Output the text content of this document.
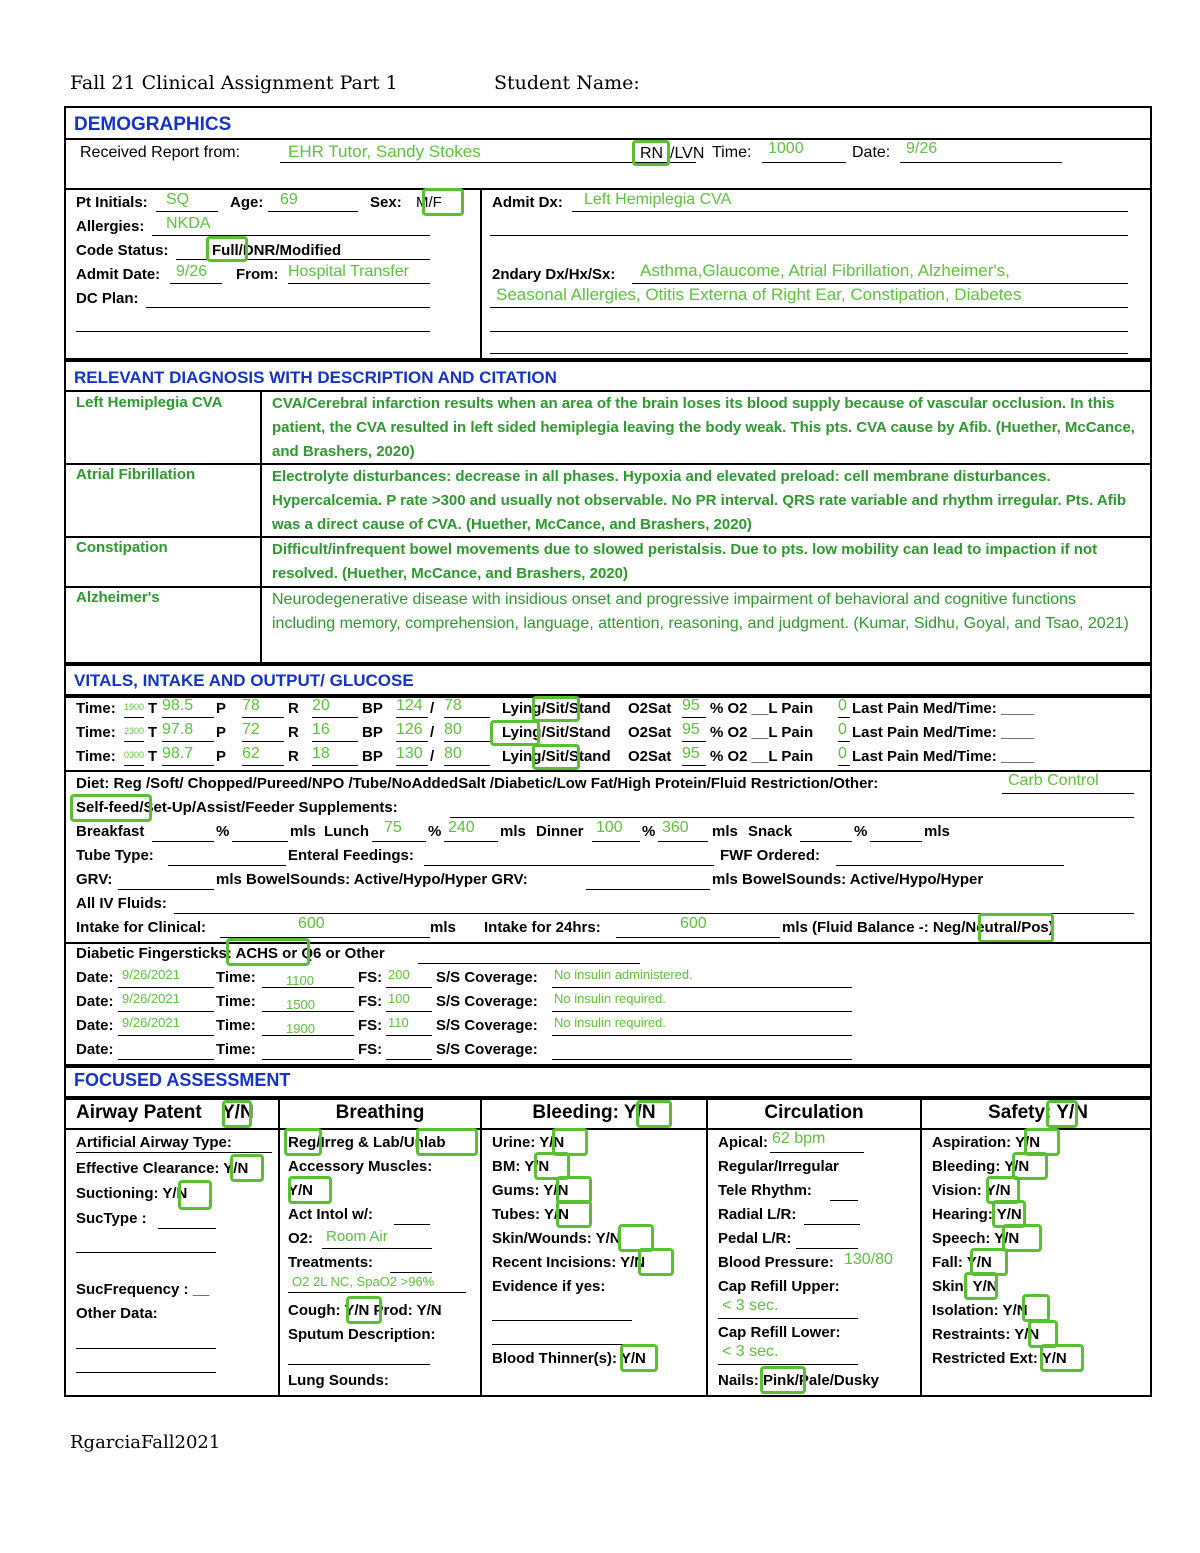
Fall 21 Clinical Assignment Part 1	Student Name:
DEMOGRAPHICS
Received Report from:	EHR Tutor, Sandy Stokes	RN /LVN Time: 1000	Date: 9/26
Pt Initials: SQ	Age: 69	Sex: M/F
Allergies: NKDA
Code Status:	Full/DNR/Modified
Admit Date: 9/26 From: Hospital Transfer
DC Plan:
Admit Dx: Left Hemiplegia CVA
2ndary Dx/Hx/Sx: Asthma,Glaucome, Atrial Fibrillation, Alzheimer's,
Seasonal Allergies, Otitis Externa of Right Ear, Constipation, Diabetes
RELEVANT DIAGNOSIS WITH DESCRIPTION AND CITATION
Left Hemiplegia CVA	CVA/Cerebral infarction results when an area of the brain loses its blood supply because of vascular occlusion. In this patient, the CVA resulted in left sided hemiplegia leaving the body weak. This pts. CVA cause by Afib. (Huether, McCance, and Brashers, 2020)
Atrial Fibrillation	Electrolyte disturbances: decrease in all phases. Hypoxia and elevated preload: cell membrane disturbances. Hypercalcemia. P rate >300 and usually not observable. No PR interval. QRS rate variable and rhythm irregular. Pts. Afib was a direct cause of CVA. (Huether, McCance, and Brashers, 2020)
Constipation	Difficult/infrequent bowel movements due to slowed peristalsis. Due to pts. low mobility can lead to impaction if not resolved. (Huether, McCance, and Brashers, 2020)
Alzheimer's	Neurodegenerative disease with insidious onset and progressive impairment of behavioral and cognitive functions including memory, comprehension, language, attention, reasoning, and judgment. (Kumar, Sidhu, Goyal, and Tsao, 2021)
VITALS, INTAKE AND OUTPUT/ GLUCOSE
Time: 1900 T 98.5 P 78 R 20 BP 124 / 78	Lying/Sit/Stand O2Sat 95 % O2 __L Pain 0 Last Pain Med/Time: ____
Time: 2300 T 97.8 P 72 R 16 BP 126 / 80	Lying/Sit/Stand O2Sat 95 % O2 __L Pain 0 Last Pain Med/Time: ____
Time: 0300 T 98.7 P 62 R 18 BP 130 / 80	Lying/Sit/Stand O2Sat 95 % O2 __L Pain 0 Last Pain Med/Time: ____
Diet: Reg /Soft/ Chopped/Pureed/NPO /Tube/NoAddedSalt /Diabetic/Low Fat/High Protein/Fluid Restriction/Other:	Carb Control
Self-feed/Set-Up/Assist/Feeder Supplements:
Breakfast	%	mls Lunch 75 % 240 mls Dinner 100 % 360 mls Snack	%	mls
Tube Type:	Enteral Feedings:	FWF Ordered:
GRV:	mls BowelSounds: Active/Hypo/Hyper GRV:	mls BowelSounds: Active/Hypo/Hyper
All IV Fluids:
Intake for Clinical:	600	mls Intake for 24hrs:	600	mls (Fluid Balance -: Neg/Neutral/Pos)
Diabetic Fingersticks: ACHS or Q6 or Other
Date:	Time:	FS:	S/S Coverage:
9/26/2021	1100	200	No insulin administered.
Date:	Time:	FS:	S/S Coverage:
9/26/2021	1500	100	No insulin required.
Date:	Time:	FS:	S/S Coverage:
9/26/2021	1900	110	No insulin required.
Date:	Time:	FS:	S/S Coverage:
FOCUSED ASSESSMENT
Airway Patent Y/N	Breathing	Bleeding: Y/N	Circulation	Safety: Y/N
Artificial Airway Type:
Effective Clearance: Y/N
Suctioning: Y/N
SucType :
SucFrequency : __
Other Data:
Reg/Irreg & Lab/Unlab
Accessory Muscles:
Y/N
Act Intol w/:
O2: Room Air
Treatments:
O2 2L NC, SpaO2 >96%
Cough: Y/N Prod: Y/N
Sputum Description:
Lung Sounds:
Urine: Y/N
BM: Y/N
Gums: Y/N
Tubes: Y/N
Skin/Wounds: Y/N
Recent Incisions: Y/N
Evidence if yes:
Blood Thinner(s): Y/N
Apical: 62 bpm
Regular/Irregular
Tele Rhythm:
Radial L/R:
Pedal L/R:
Blood Pressure: 130/80
Cap Refill Upper:
< 3 sec.
Cap Refill Lower:
< 3 sec.
Nails: Pink/Pale/Dusky
Aspiration: Y/N
Bleeding: Y/N
Vision: Y/N
Hearing: Y/N
Speech: Y/N
Fall: Y/N
Skin: Y/N
Isolation: Y/N
Restraints: Y/N
Restricted Ext: Y/N
RgarciaFall2021
